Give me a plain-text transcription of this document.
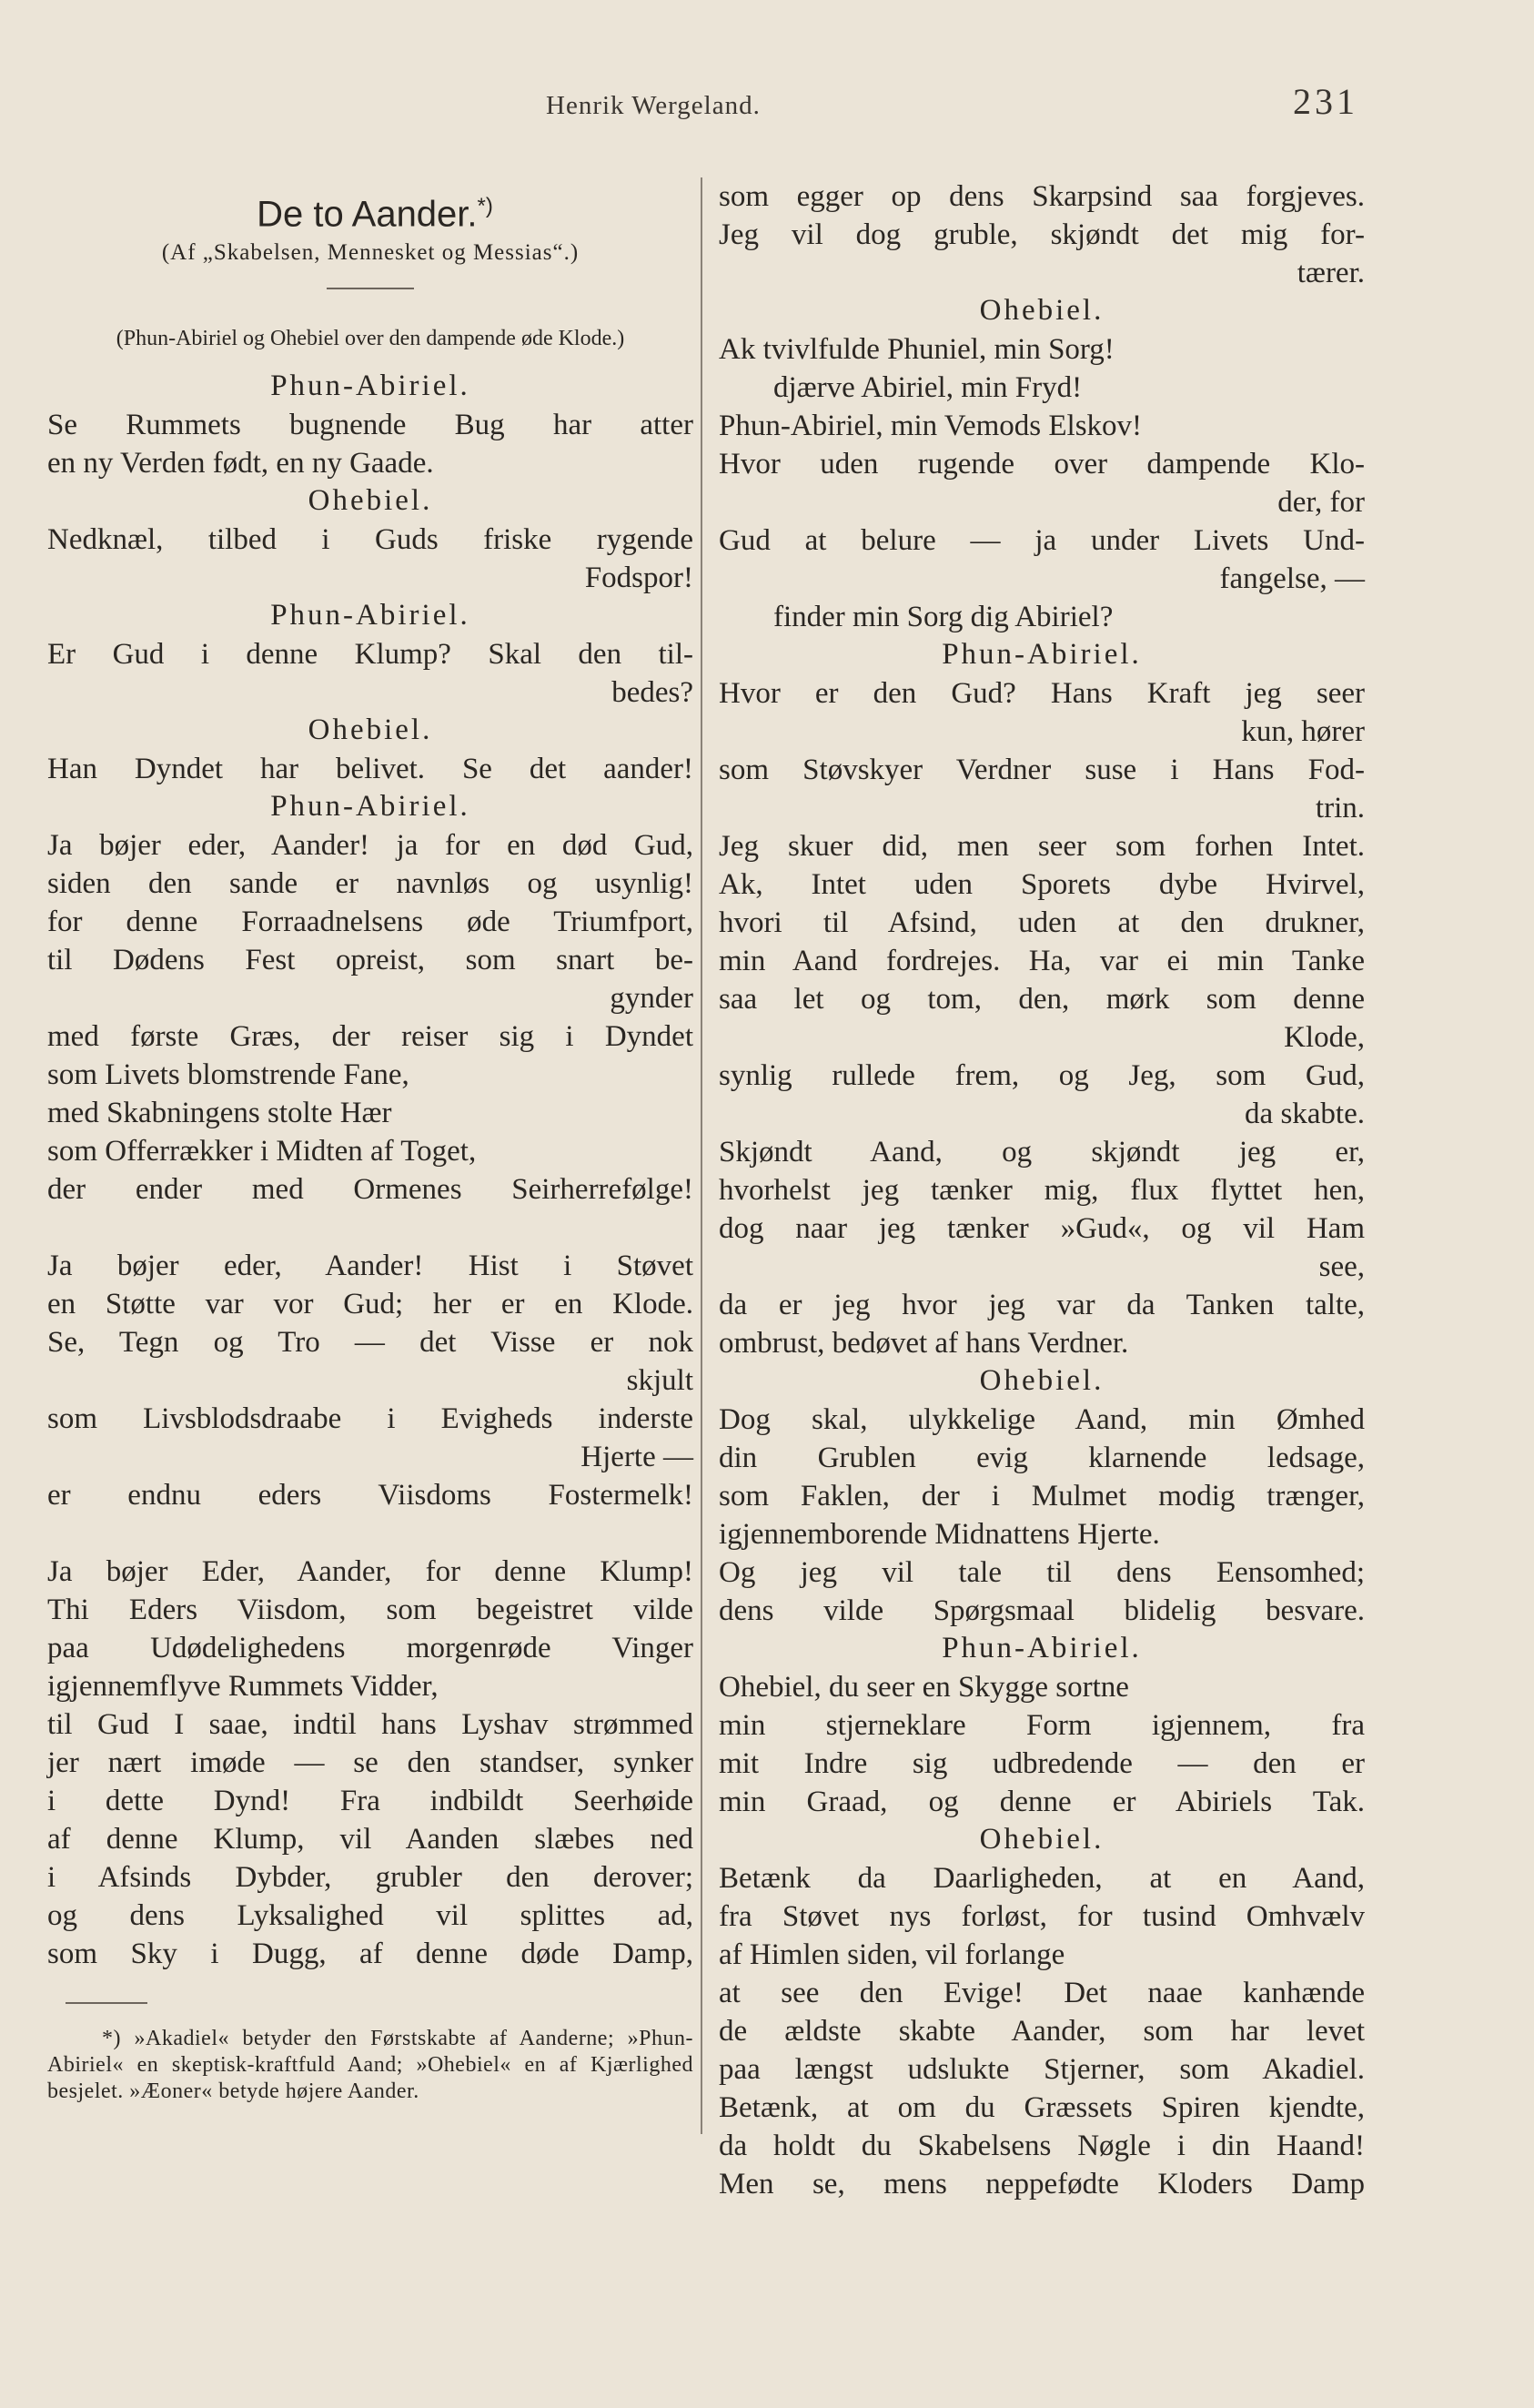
Henrik Wergeland.	231
De to Aander.*)
(Af „Skabelsen, Mennesket og Messias“.)
(Phun-Abiriel og Ohebiel over den dampende øde Klode.)
Phun-Abiriel.
Se Rummets bugnende Bug har atter
en ny Verden født, en ny Gaade.
Ohebiel.
Nedknæl, tilbed i Guds friske rygende
Fodspor!
Phun-Abiriel.
Er Gud i denne Klump? Skal den til-
bedes?
Ohebiel.
Han Dyndet har belivet. Se det aander!
Phun-Abiriel.
Ja bøjer eder, Aander! ja for en død Gud,
siden den sande er navnløs og usynlig!
for denne Forraadnelsens øde Triumfport,
til Dødens Fest opreist, som snart be-
gynder
med første Græs, der reiser sig i Dyndet
som Livets blomstrende Fane,
med Skabningens stolte Hær
som Offerrækker i Midten af Toget,
der ender med Ormenes Seirherrefølge!
Ja bøjer eder, Aander! Hist i Støvet
en Støtte var vor Gud; her er en Klode.
Se, Tegn og Tro — det Visse er nok
skjult
som Livsblodsdraabe i Evigheds inderste
Hjerte —
er endnu eders Viisdoms Fostermelk!
Ja bøjer Eder, Aander, for denne Klump!
Thi Eders Viisdom, som begeistret vilde
paa Udødelighedens morgenrøde Vinger
igjennemflyve Rummets Vidder,
til Gud I saae, indtil hans Lyshav strømmed
jer nært imøde — se den standser, synker
i dette Dynd! Fra indbildt Seerhøide
af denne Klump, vil Aanden slæbes ned
i Afsinds Dybder, grubler den derover;
og dens Lyksalighed vil splittes ad,
som Sky i Dugg, af denne døde Damp,

*) »Akadiel« betyder den Førstskabte af Aanderne; »Phun-Abiriel« en skeptisk-kraftfuld Aand; »Ohebiel« en af Kjærlighed besjelet. »Æoner« betyde højere Aander.

som egger op dens Skarpsind saa forgjeves.
Jeg vil dog gruble, skjøndt det mig for-
tærer.
Ohebiel.
Ak tvivlfulde Phuniel, min Sorg!
djærve Abiriel, min Fryd!
Phun-Abiriel, min Vemods Elskov!
Hvor uden rugende over dampende Klo-
der, for
Gud at belure — ja under Livets Und-
fangelse, —
finder min Sorg dig Abiriel?
Phun-Abiriel.
Hvor er den Gud? Hans Kraft jeg seer
kun, hører
som Støvskyer Verdner suse i Hans Fod-
trin.
Jeg skuer did, men seer som forhen Intet.
Ak, Intet uden Sporets dybe Hvirvel,
hvori til Afsind, uden at den drukner,
min Aand fordrejes. Ha, var ei min Tanke
saa let og tom, den, mørk som denne
Klode,
synlig rullede frem, og Jeg, som Gud,
da skabte.
Skjøndt Aand, og skjøndt jeg er,
hvorhelst jeg tænker mig, flux flyttet hen,
dog naar jeg tænker »Gud«, og vil Ham
see,
da er jeg hvor jeg var da Tanken talte,
ombrust, bedøvet af hans Verdner.
Ohebiel.
Dog skal, ulykkelige Aand, min Ømhed
din Grublen evig klarnende ledsage,
som Faklen, der i Mulmet modig trænger,
igjennemborende Midnattens Hjerte.
Og jeg vil tale til dens Eensomhed;
dens vilde Spørgsmaal blidelig besvare.
Phun-Abiriel.
Ohebiel, du seer en Skygge sortne
min stjerneklare Form igjennem, fra
mit Indre sig udbredende — den er
min Graad, og denne er Abiriels Tak.
Ohebiel.
Betænk da Daarligheden, at en Aand,
fra Støvet nys forløst, for tusind Omhvælv
af Himlen siden, vil forlange
at see den Evige! Det naae kanhænde
de ældste skabte Aander, som har levet
paa længst udslukte Stjerner, som Akadiel.
Betænk, at om du Græssets Spiren kjendte,
da holdt du Skabelsens Nøgle i din Haand!
Men se, mens neppefødte Kloders Damp
